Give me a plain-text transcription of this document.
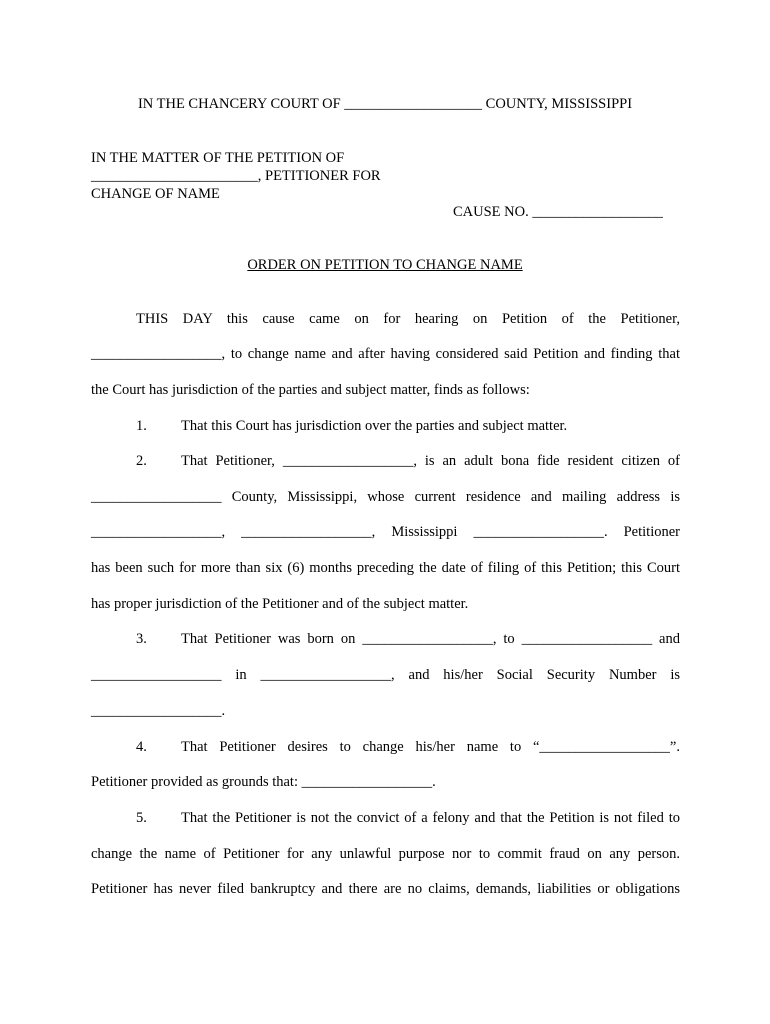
IN THE CHANCERY COURT OF ___________________ COUNTY, MISSISSIPPI
IN THE MATTER OF THE PETITION OF
_______________________, PETITIONER FOR
CHANGE OF NAME
CAUSE NO. __________________
ORDER ON PETITION TO CHANGE NAME
THIS DAY this cause came on for hearing on Petition of the Petitioner,
__________________, to change name and after having considered said Petition and finding that
the Court has jurisdiction of the parties and subject matter, finds as follows:
1. That this Court has jurisdiction over the parties and subject matter.
2. That Petitioner, __________________, is an adult bona fide resident citizen of
__________________ County, Mississippi, whose current residence and mailing address is
__________________, __________________, Mississippi __________________. Petitioner
has been such for more than six (6) months preceding the date of filing of this Petition; this Court
has proper jurisdiction of the Petitioner and of the subject matter.
3. That Petitioner was born on __________________, to __________________ and
__________________ in __________________, and his/her Social Security Number is
__________________.
4. That Petitioner desires to change his/her name to “__________________”.
Petitioner provided as grounds that: __________________.
5. That the Petitioner is not the convict of a felony and that the Petition is not filed to
change the name of Petitioner for any unlawful purpose nor to commit fraud on any person.
Petitioner has never filed bankruptcy and there are no claims, demands, liabilities or obligations
